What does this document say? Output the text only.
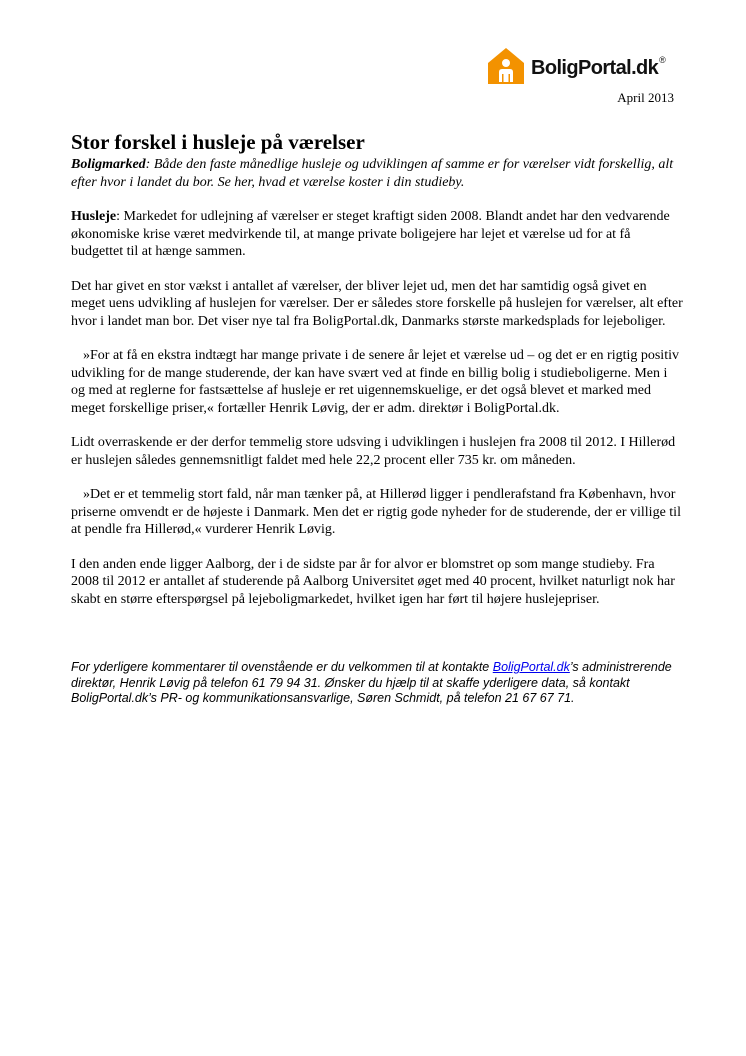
BoligPortal.dk ®
April 2013
Stor forskel i husleje på værelser

Boligmarked: Både den faste månedlige husleje og udviklingen af samme er for værelser vidt forskellig, alt efter hvor i landet du bor. Se her, hvad et værelse koster i din studieby.

Husleje: Markedet for udlejning af værelser er steget kraftigt siden 2008. Blandt andet har den vedvarende økonomiske krise været medvirkende til, at mange private boligejere har lejet et værelse ud for at få budgettet til at hænge sammen.

Det har givet en stor vækst i antallet af værelser, der bliver lejet ud, men det har samtidig også givet en meget uens udvikling af huslejen for værelser. Der er således store forskelle på huslejen for værelser, alt efter hvor i landet man bor. Det viser nye tal fra BoligPortal.dk, Danmarks største markedsplads for lejeboliger.

»For at få en ekstra indtægt har mange private i de senere år lejet et værelse ud – og det er en rigtig positiv udvikling for de mange studerende, der kan have svært ved at finde en billig bolig i studieboligerne. Men i og med at reglerne for fastsættelse af husleje er ret uigennemskuelige, er det også blevet et marked med meget forskellige priser,« fortæller Henrik Løvig, der er adm. direktør i BoligPortal.dk.

Lidt overraskende er der derfor temmelig store udsving i udviklingen i huslejen fra 2008 til 2012. I Hillerød er huslejen således gennemsnitligt faldet med hele 22,2 procent eller 735 kr. om måneden.

»Det er et temmelig stort fald, når man tænker på, at Hillerød ligger i pendlerafstand fra København, hvor priserne omvendt er de højeste i Danmark. Men det er rigtig gode nyheder for de studerende, der er villige til at pendle fra Hillerød,« vurderer Henrik Løvig.

I den anden ende ligger Aalborg, der i de sidste par år for alvor er blomstret op som mange studieby. Fra 2008 til 2012 er antallet af studerende på Aalborg Universitet øget med 40 procent, hvilket naturligt nok har skabt en større efterspørgsel på lejeboligmarkedet, hvilket igen har ført til højere huslejepriser.

For yderligere kommentarer til ovenstående er du velkommen til at kontakte BoligPortal.dk’s administrerende direktør, Henrik Løvig på telefon 61 79 94 31. Ønsker du hjælp til at skaffe yderligere data, så kontakt BoligPortal.dk’s PR- og kommunikationsansvarlige, Søren Schmidt, på telefon 21 67 67 71.
